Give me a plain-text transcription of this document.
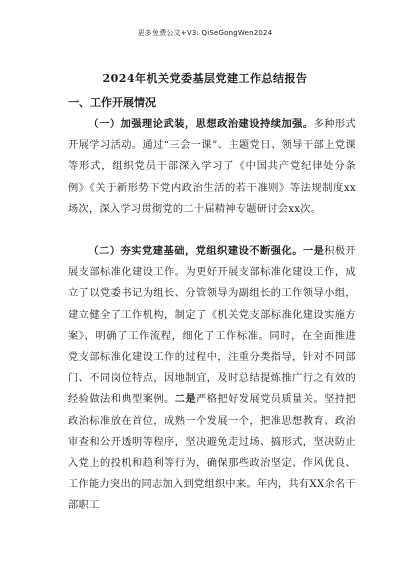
更多免费公文+V3: QiSeGongWen2024
2024年机关党委基层党建工作总结报告
一、工作开展情况
（一）加强理论武装，思想政治建设持续加强。多种形式开展学习活动。通过“三会一课”、主题党日、领导干部上党课等形式，组织党员干部深入学习了《中国共产党纪律处分条例》《关于新形势下党内政治生活的若干准则》等法规制度xx场次，深入学习贯彻党的二十届精神专题研讨会xx次。
（二）夯实党建基础，党组织建设不断强化。一是积极开展支部标准化建设工作。为更好开展支部标准化建设工作，成立了以党委书记为组长、分管领导为副组长的工作领导小组，建立健全了工作机构，制定了《机关党支部标准化建设实施方案》，明确了工作流程，细化了工作标准。同时，在全面推进党支部标准化建设工作的过程中，注重分类指导，针对不同部门、不同岗位特点，因地制宜，及时总结提炼推广行之有效的经验做法和典型案例。二是严格把好发展党员质量关。坚持把政治标准放在首位，成熟一个发展一个，把准思想教育、政治审查和公开透明等程序，坚决避免走过场、搞形式，坚决防止入党上的投机和趋利等行为，确保那些政治坚定、作风优良、工作能力突出的同志加入到党组织中来。年内，共有XX余名干部职工
